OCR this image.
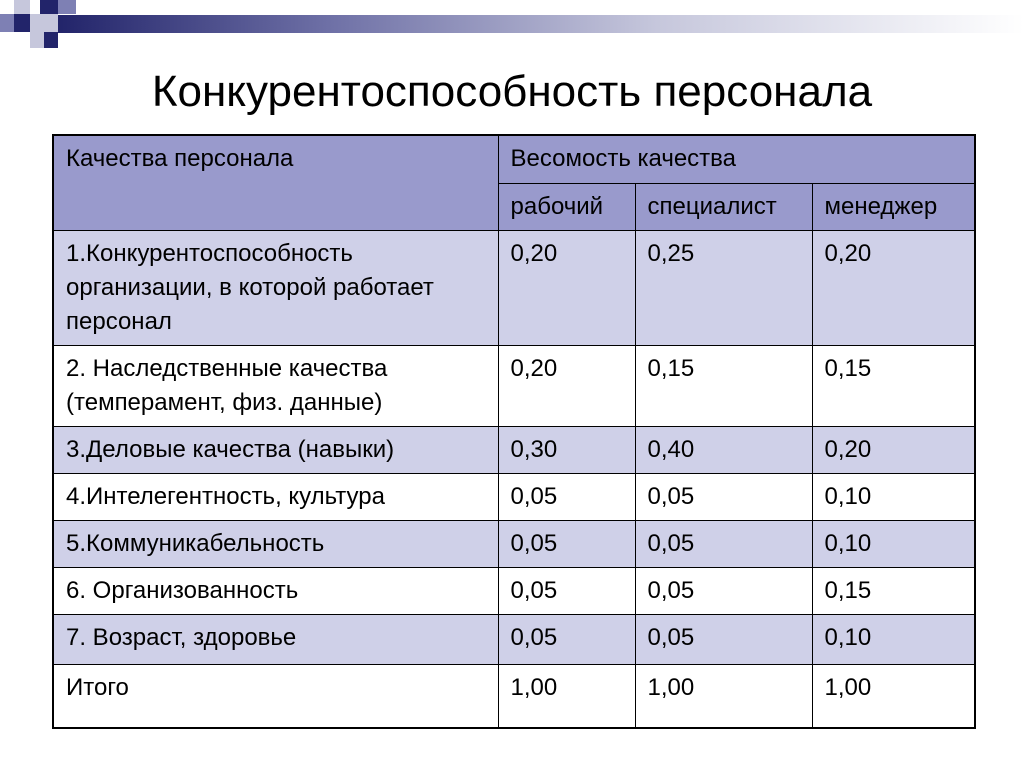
Конкурентоспособность персонала
Качества персонала	Весомость качества		
	рабочий	специалист	менеджер
1.Конкурентоспособность организации, в которой работает персонал	0,20	0,25	0,20
2. Наследственные качества (темперамент, физ. данные)	0,20	0,15	0,15
3.Деловые качества (навыки)	0,30	0,40	0,20
4.Интелегентность, культура	0,05	0,05	0,10
5.Коммуникабельность	0,05	0,05	0,10
6. Организованность	0,05	0,05	0,15
7. Возраст, здоровье	0,05	0,05	0,10
Итого	1,00	1,00	1,00
